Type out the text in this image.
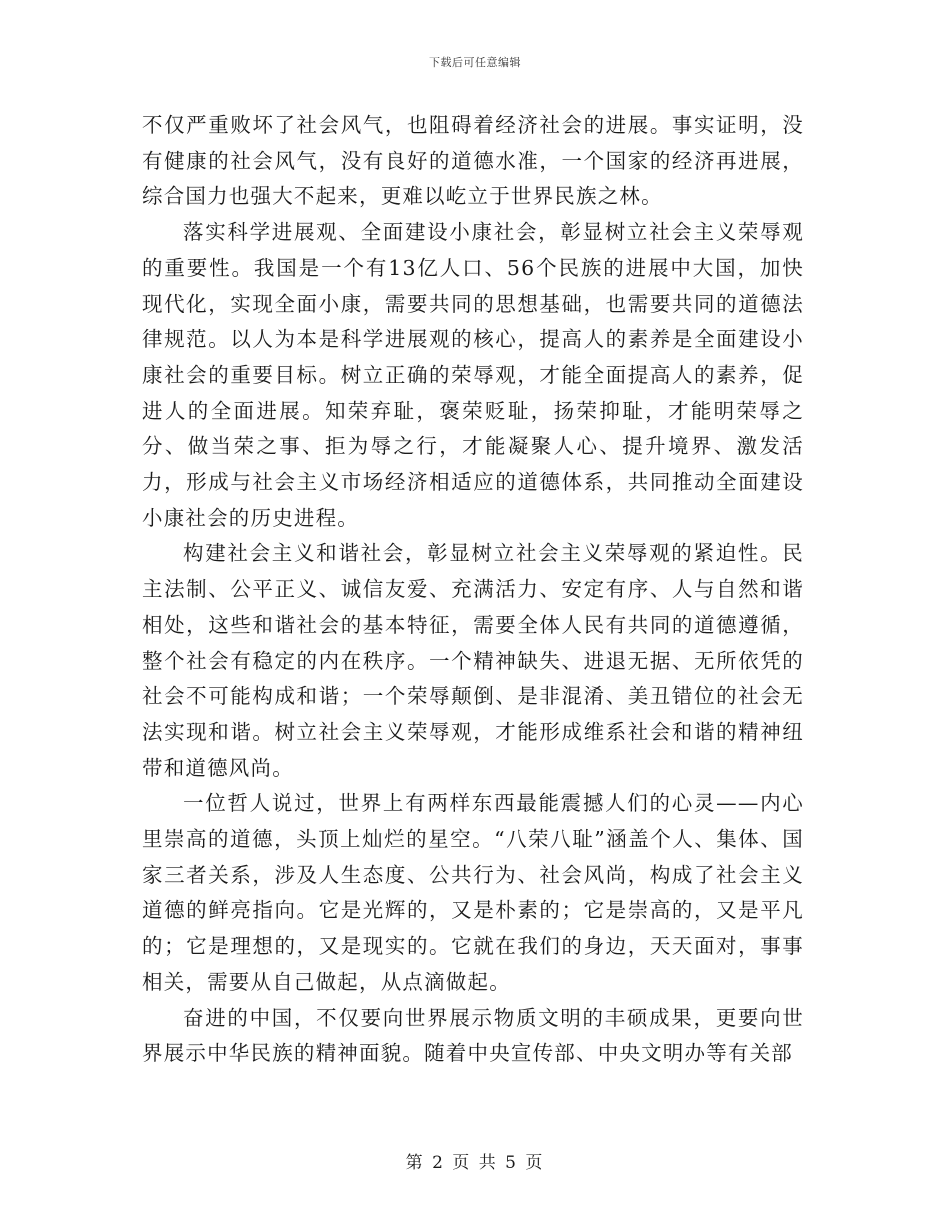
下载后可任意编辑

不仅严重败坏了社会风气，也阻碍着经济社会的进展。事实证明，没有健康的社会风气，没有良好的道德水准，一个国家的经济再进展，综合国力也强大不起来，更难以屹立于世界民族之林。

落实科学进展观、全面建设小康社会，彰显树立社会主义荣辱观的重要性。我国是一个有13亿人口、56个民族的进展中大国，加快现代化，实现全面小康，需要共同的思想基础，也需要共同的道德法律规范。以人为本是科学进展观的核心，提高人的素养是全面建设小康社会的重要目标。树立正确的荣辱观，才能全面提高人的素养，促进人的全面进展。知荣弃耻，褒荣贬耻，扬荣抑耻，才能明荣辱之分、做当荣之事、拒为辱之行，才能凝聚人心、提升境界、激发活力，形成与社会主义市场经济相适应的道德体系，共同推动全面建设小康社会的历史进程。

构建社会主义和谐社会，彰显树立社会主义荣辱观的紧迫性。民主法制、公平正义、诚信友爱、充满活力、安定有序、人与自然和谐相处，这些和谐社会的基本特征，需要全体人民有共同的道德遵循，整个社会有稳定的内在秩序。一个精神缺失、进退无据、无所依凭的社会不可能构成和谐；一个荣辱颠倒、是非混淆、美丑错位的社会无法实现和谐。树立社会主义荣辱观，才能形成维系社会和谐的精神纽带和道德风尚。

一位哲人说过，世界上有两样东西最能震撼人们的心灵——内心里崇高的道德，头顶上灿烂的星空。“八荣八耻”涵盖个人、集体、国家三者关系，涉及人生态度、公共行为、社会风尚，构成了社会主义道德的鲜亮指向。它是光辉的，又是朴素的；它是崇高的，又是平凡的；它是理想的，又是现实的。它就在我们的身边，天天面对，事事相关，需要从自己做起，从点滴做起。

奋进的中国，不仅要向世界展示物质文明的丰硕成果，更要向世界展示中华民族的精神面貌。随着中央宣传部、中央文明办等有关部

第 2 页 共 5 页
